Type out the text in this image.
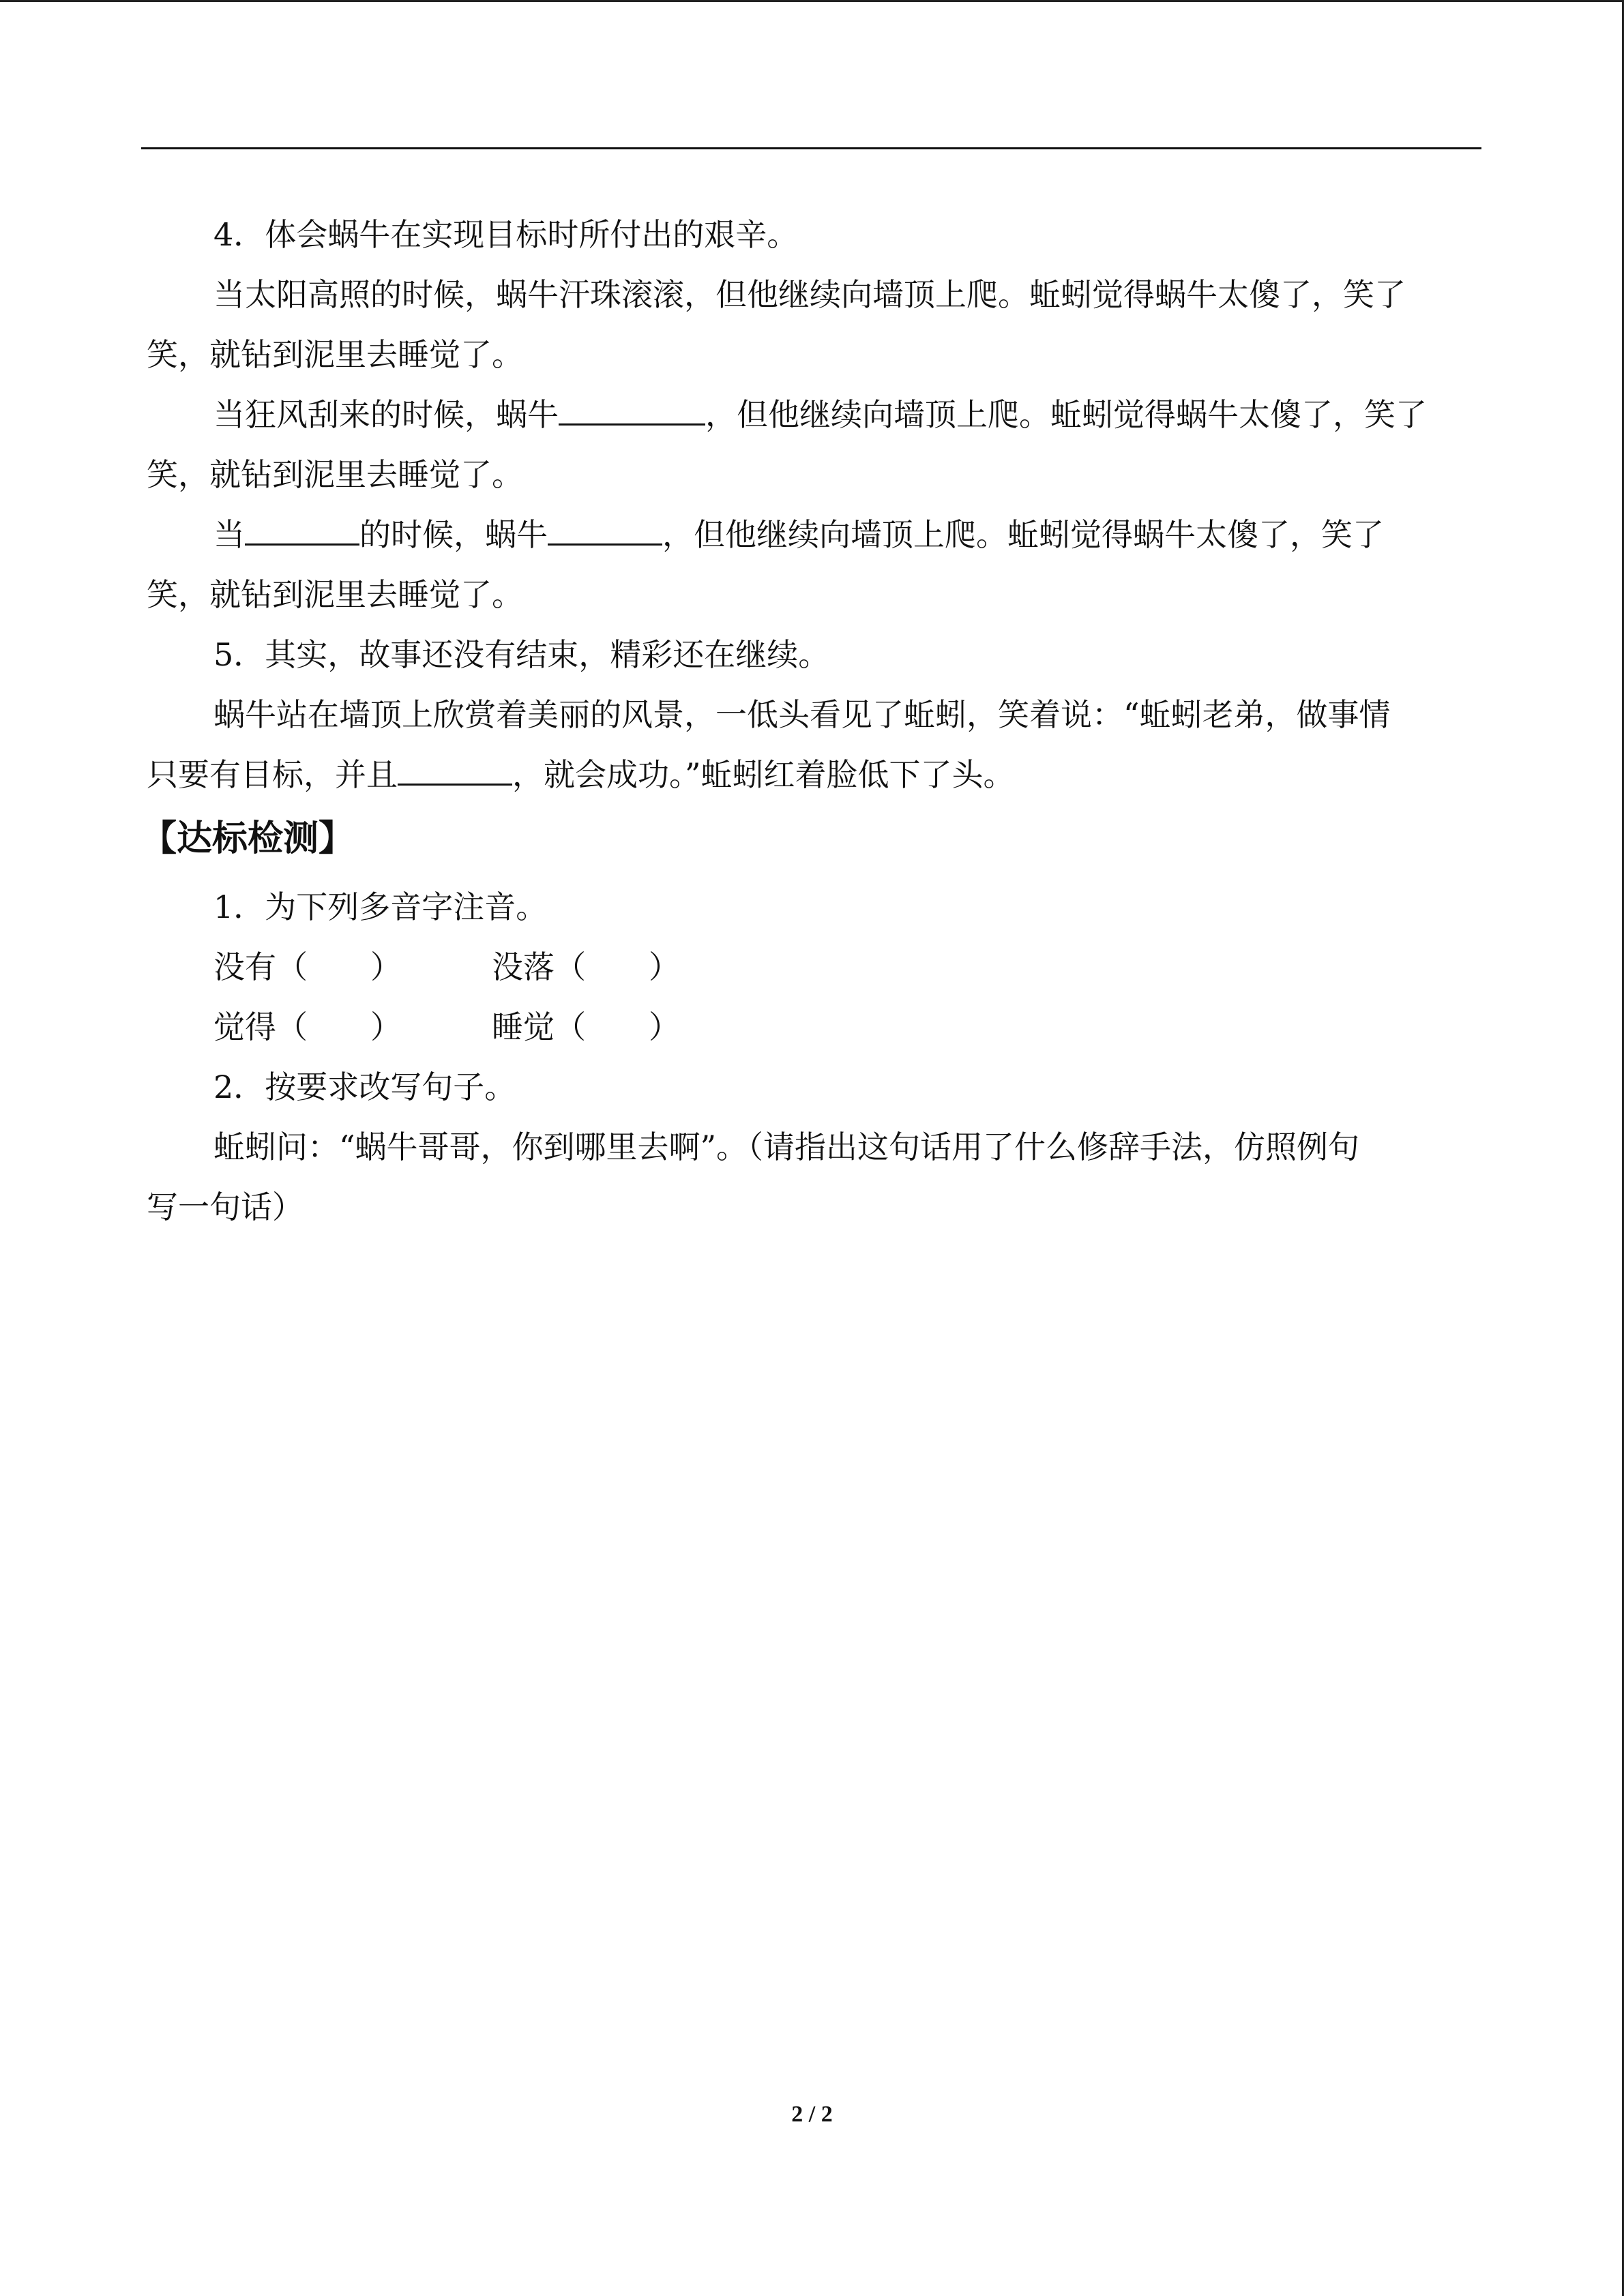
4．体会蜗牛在实现目标时所付出的艰辛。

当太阳高照的时候，蜗牛汗珠滚滚，但他继续向墙顶上爬。蚯蚓觉得蜗牛太傻了，笑了

笑，就钻到泥里去睡觉了。

当狂风刮来的时候，蜗牛	，但他继续向墙顶上爬。蚯蚓觉得蜗牛太傻了，笑了

笑，就钻到泥里去睡觉了。

当	的时候，蜗牛	，但他继续向墙顶上爬。蚯蚓觉得蜗牛太傻了，笑了

笑，就钻到泥里去睡觉了。

5．其实，故事还没有结束，精彩还在继续。

蜗牛站在墙顶上欣赏着美丽的风景，一低头看见了蚯蚓，笑着说：“蚯蚓老弟，做事情

只要有目标，并且	，就会成功。”蚯蚓红着脸低下了头。

【达标检测】

1．为下列多音字注音。

没有（　　）	没落（　　）

觉得（　　）	睡觉（　　）

2．按要求改写句子。

蚯蚓问：“蜗牛哥哥，你到哪里去啊”。（请指出这句话用了什么修辞手法，仿照例句

写一句话）

2 / 2
